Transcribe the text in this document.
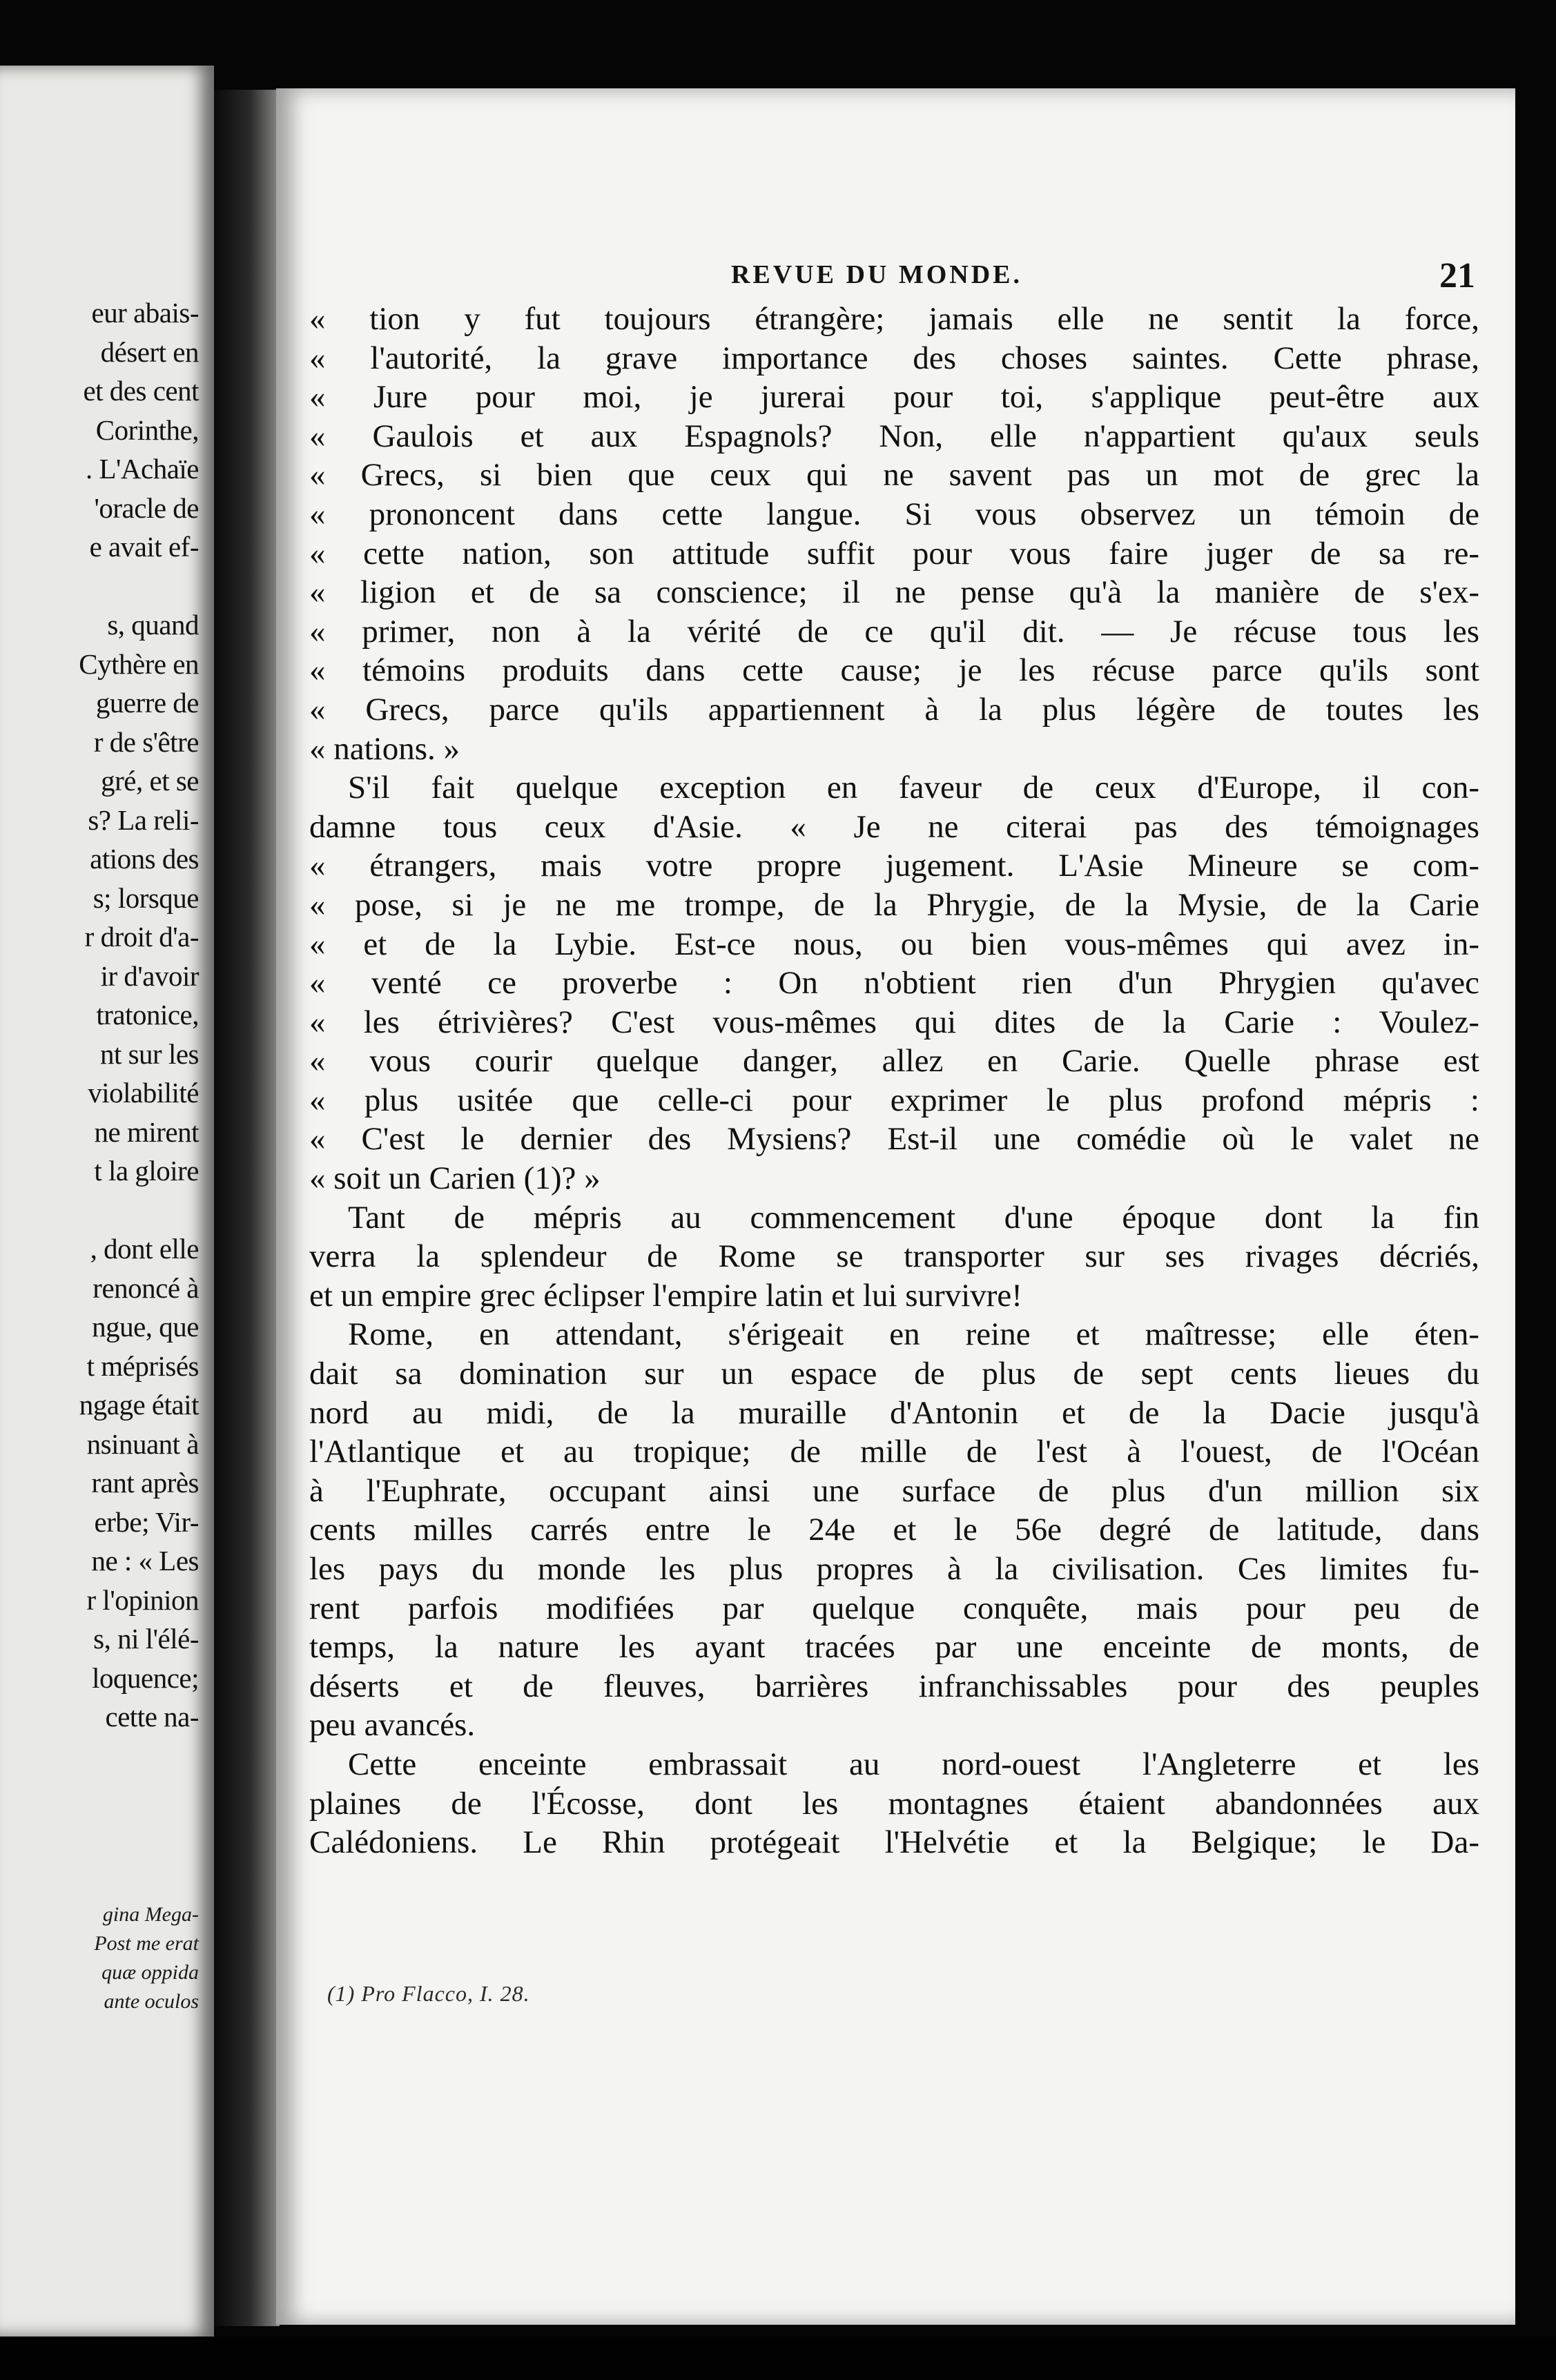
eur abais-
désert en
et des cent
Corinthe,
. L'Achaïe
'oracle de
e avait ef-
s, quand
Cythère en
guerre de
r de s'être
gré, et se
s? La reli-
ations des
s; lorsque
r droit d'a-
ir d'avoir
tratonice,
nt sur les
violabilité
ne mirent
t la gloire
, dont elle
renoncé à
ngue, que
t méprisés
ngage était
nsinuant à
rant après
erbe; Vir-
ne : « Les
r l'opinion
s, ni l'élé-
loquence;
cette na-
gina Mega-
Post me erat
quæ oppida
ante oculos
REVUE DU MONDE.	21
« tion y fut toujours étrangère; jamais elle ne sentit la force,
« l'autorité, la grave importance des choses saintes. Cette phrase,
« Jure pour moi, je jurerai pour toi, s'applique peut-être aux
« Gaulois et aux Espagnols? Non, elle n'appartient qu'aux seuls
« Grecs, si bien que ceux qui ne savent pas un mot de grec la
« prononcent dans cette langue. Si vous observez un témoin de
« cette nation, son attitude suffit pour vous faire juger de sa re-
« ligion et de sa conscience; il ne pense qu'à la manière de s'ex-
« primer, non à la vérité de ce qu'il dit. — Je récuse tous les
« témoins produits dans cette cause; je les récuse parce qu'ils sont
« Grecs, parce qu'ils appartiennent à la plus légère de toutes les
« nations. »
S'il fait quelque exception en faveur de ceux d'Europe, il con-
damne tous ceux d'Asie. « Je ne citerai pas des témoignages
« étrangers, mais votre propre jugement. L'Asie Mineure se com-
« pose, si je ne me trompe, de la Phrygie, de la Mysie, de la Carie
« et de la Lybie. Est-ce nous, ou bien vous-mêmes qui avez in-
« venté ce proverbe : On n'obtient rien d'un Phrygien qu'avec
« les étrivières? C'est vous-mêmes qui dites de la Carie : Voulez-
« vous courir quelque danger, allez en Carie. Quelle phrase est
« plus usitée que celle-ci pour exprimer le plus profond mépris :
« C'est le dernier des Mysiens? Est-il une comédie où le valet ne
« soit un Carien (1)? »
Tant de mépris au commencement d'une époque dont la fin
verra la splendeur de Rome se transporter sur ses rivages décriés,
et un empire grec éclipser l'empire latin et lui survivre!
Rome, en attendant, s'érigeait en reine et maîtresse; elle éten-
dait sa domination sur un espace de plus de sept cents lieues du
nord au midi, de la muraille d'Antonin et de la Dacie jusqu'à
l'Atlantique et au tropique; de mille de l'est à l'ouest, de l'Océan
à l'Euphrate, occupant ainsi une surface de plus d'un million six
cents milles carrés entre le 24e et le 56e degré de latitude, dans
les pays du monde les plus propres à la civilisation. Ces limites fu-
rent parfois modifiées par quelque conquête, mais pour peu de
temps, la nature les ayant tracées par une enceinte de monts, de
déserts et de fleuves, barrières infranchissables pour des peuples
peu avancés.
Cette enceinte embrassait au nord-ouest l'Angleterre et les
plaines de l'Écosse, dont les montagnes étaient abandonnées aux
Calédoniens. Le Rhin protégeait l'Helvétie et la Belgique; le Da-
(1) Pro Flacco, I. 28.
